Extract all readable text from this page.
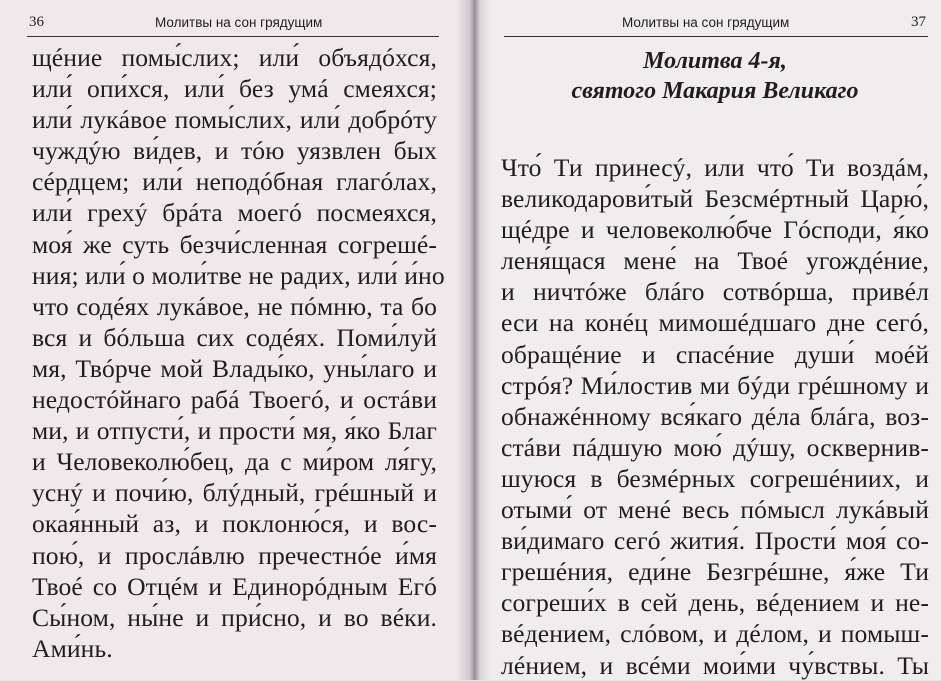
36	Молитвы на сон грядущим
щéние помы́слих; или́ объядóхся,
или́ опи́хся, или́ без умá смеяхся;
или́ лукáвое помы́слих, или́ добрóту
чуждýю ви́дев, и тóю уязвлен бых
сéрдцем; или́ неподóбная глагóлах,
или́ грехý брáта моегó посмеяхся,
моя́ же суть безчи́сленная согрешé-
ния; или́ о моли́тве не радих, или́ и́но
что содéях лукáвое, не пóмню, та бо
вся и бóльша сих содéях. Поми́луй
мя, Твóрче мой Влады́ко, уны́лаго и
недостóйнаго рабá Твоегó, и остáви
ми, и отпусти́, и прости́ мя, я́ко Благ
и Человеколю́бец, да с ми́ром ля́гу,
уснý и почи́ю, блýдный, грéшный и
окая́нный аз, и поклоню́ся, и вос-
пою́, и прослáвлю пречестнóе и́мя
Твоé со Отцéм и Единорóдным Егó
Сы́ном, ны́не и при́сно, и во вéки.
Ами́нь.
Молитвы на сон грядущим	37
Молитва 4-я,
святого Макария Великаго
Что́ Ти принесý, или что́ Ти воздáм,
великодарови́тый Безсмéртный Царю́,
щéдре и человеколю́бче Гóсподи, я́ко
леня́щася мене́ на Твоé угождéние,
и ничтóже блáго сотвóрша, привéл
еси на конéц мимошéдшаго дне сегó,
обращéние и спасéние души́ моéй
стрóя? Ми́лостив ми бýди грéшному и
обнажéнному вся́каго дéла блáга, воз-
стáви пáдшую мою́ дýшу, осквернив-
шуюся в безмéрных согрешéниих, и
отыми́ от менé весь пóмысл лукáвый
ви́димаго сегó жития́. Прости́ моя́ со-
грешéния, еди́не Безгрéшне, я́же Ти
согреши́х в сей день, вéдением и не-
вéдением, слóвом, и дéлом, и помыш-
лéнием, и всéми мои́ми чу́вствы. Ты
